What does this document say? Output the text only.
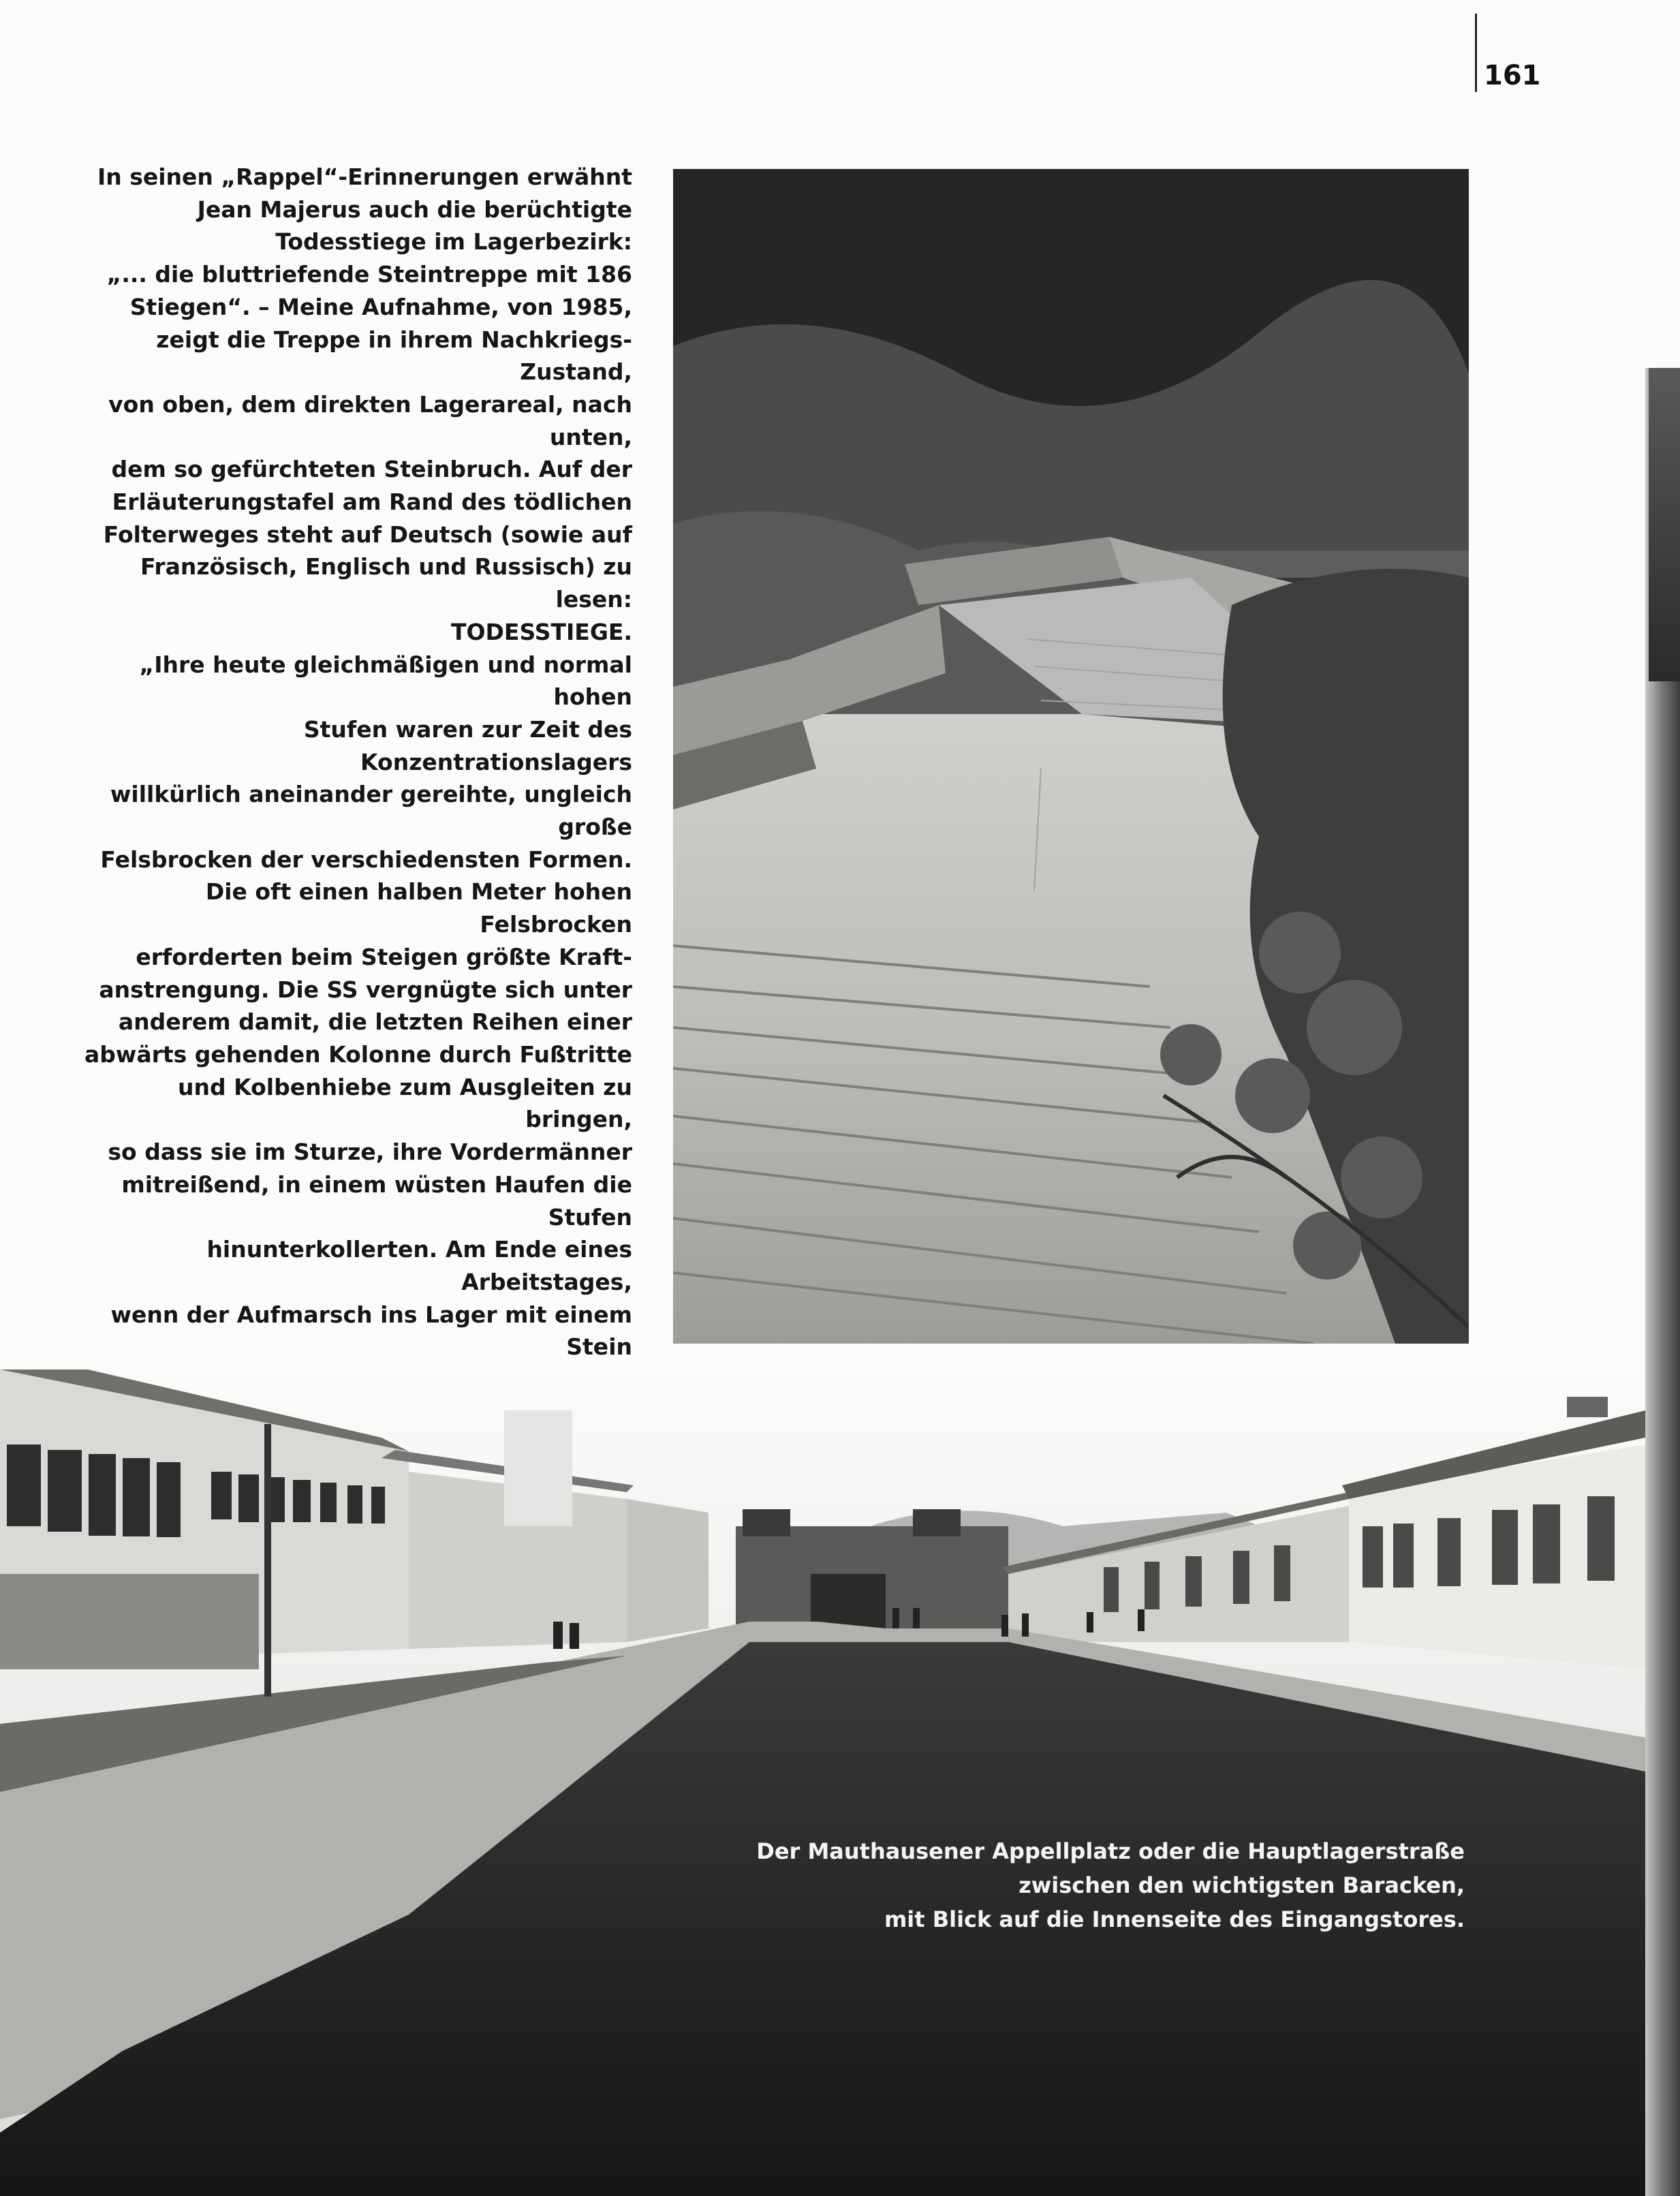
161

In seinen „Rappel“-Erinnerungen erwähnt
Jean Majerus auch die berüchtigte
Todesstiege im Lagerbezirk:
„... die bluttriefende Steintreppe mit 186
Stiegen“. – Meine Aufnahme, von 1985,
zeigt die Treppe in ihrem Nachkriegs-Zustand,
von oben, dem direkten Lagerareal, nach unten,
dem so gefürchteten Steinbruch. Auf der
Erläuterungstafel am Rand des tödlichen
Folterweges steht auf Deutsch (sowie auf
Französisch, Englisch und Russisch) zu lesen:
TODESSTIEGE.
„Ihre heute gleichmäßigen und normal hohen
Stufen waren zur Zeit des Konzentrationslagers
willkürlich aneinander gereihte, ungleich große
Felsbrocken der verschiedensten Formen.
Die oft einen halben Meter hohen Felsbrocken
erforderten beim Steigen größte Kraft-
anstrengung. Die SS vergnügte sich unter
anderem damit, die letzten Reihen einer
abwärts gehenden Kolonne durch Fußtritte
und Kolbenhiebe zum Ausgleiten zu bringen,
so dass sie im Sturze, ihre Vordermänner
mitreißend, in einem wüsten Haufen die Stufen
hinunterkollerten. Am Ende eines Arbeitstages,
wenn der Aufmarsch ins Lager mit einem Stein

Der Mauthausener Appellplatz oder die Hauptlagerstraße
zwischen den wichtigsten Baracken,
mit Blick auf die Innenseite des Eingangstores.
